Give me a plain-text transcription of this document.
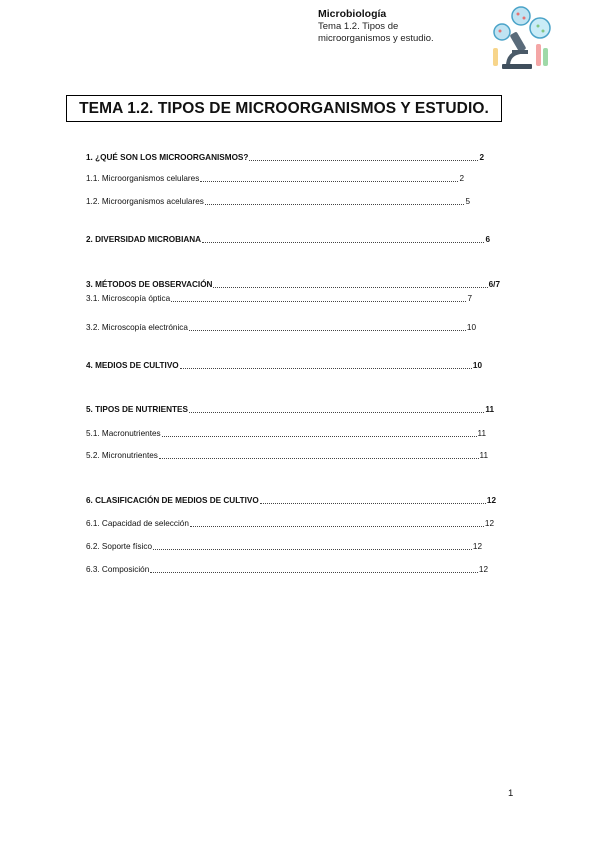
Microbiología
Tema 1.2. Tipos de microorganismos y estudio.
TEMA 1.2. TIPOS DE MICROORGANISMOS Y ESTUDIO.
1. ¿QUÉ SON LOS MICROORGANISMOS?	2
1.1. Microorganismos celulares	2
1.2. Microorganismos acelulares	5
2. DIVERSIDAD MICROBIANA	6
3. MÉTODOS DE OBSERVACIÓN	6/7
3.1. Microscopía óptica	7
3.2. Microscopía electrónica	10
4. MEDIOS DE CULTIVO	10
5. TIPOS DE NUTRIENTES	11
5.1. Macronutrientes	11
5.2. Micronutrientes	11
6. CLASIFICACIÓN DE MEDIOS DE CULTIVO	12
6.1. Capacidad de selección	12
6.2. Soporte físico	12
6.3. Composición	12
1
